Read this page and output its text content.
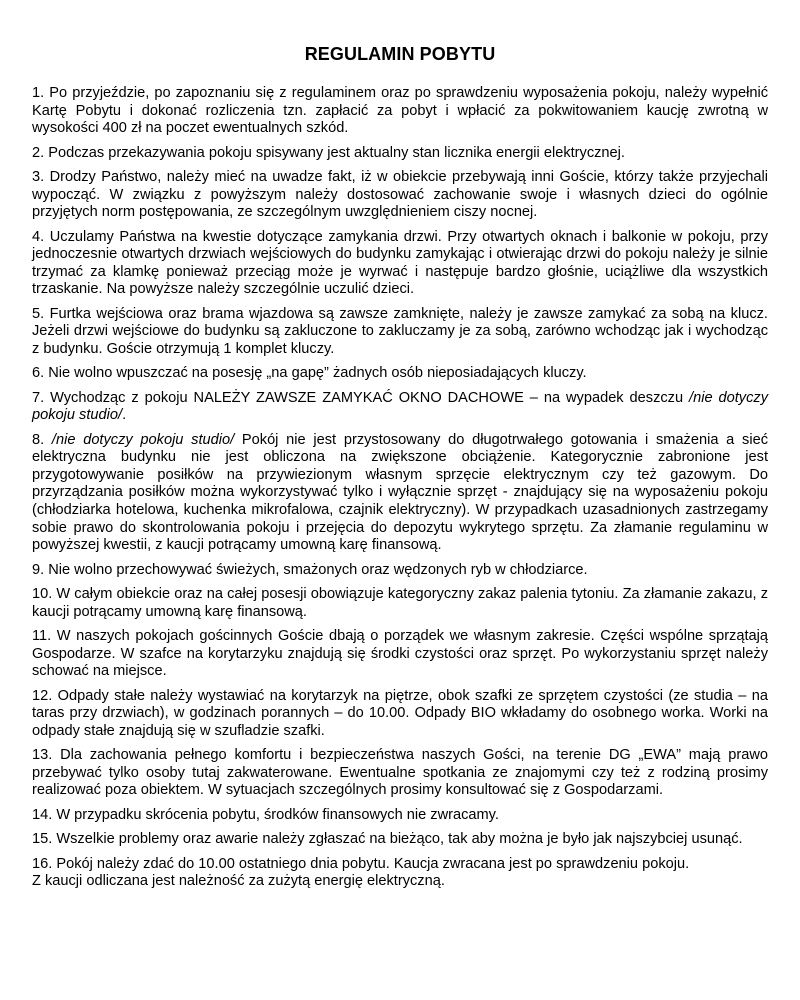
REGULAMIN POBYTU
1. Po przyjeździe, po zapoznaniu się z regulaminem oraz po sprawdzeniu wyposażenia pokoju, należy wypełnić Kartę Pobytu i dokonać rozliczenia tzn. zapłacić za pobyt i wpłacić za pokwitowaniem kaucję zwrotną w wysokości 400 zł na poczet ewentualnych szkód.
2. Podczas przekazywania pokoju spisywany jest aktualny stan licznika energii elektrycznej.
3. Drodzy Państwo, należy mieć na uwadze fakt, iż w obiekcie przebywają inni Goście, którzy także przyjechali wypocząć. W związku z powyższym należy dostosować zachowanie swoje i własnych dzieci do ogólnie przyjętych norm postępowania, ze szczególnym uwzględnieniem ciszy nocnej.
4. Uczulamy Państwa na kwestie dotyczące zamykania drzwi. Przy otwartych oknach i balkonie w pokoju, przy jednoczesnie otwartych drzwiach wejściowych do budynku zamykając i otwierając drzwi do pokoju należy je silnie trzymać za klamkę ponieważ przeciąg może je wyrwać i następuje bardzo głośnie, uciążliwe dla wszystkich trzaskanie. Na powyższe należy szczególnie uczulić dzieci.
5. Furtka wejściowa oraz brama wjazdowa są zawsze zamknięte, należy je zawsze zamykać za sobą na klucz. Jeżeli drzwi wejściowe do budynku są zakluczone to zakluczamy je za sobą, zarówno wchodząc jak i wychodząc z budynku. Goście otrzymują 1 komplet kluczy.
6. Nie wolno wpuszczać na posesję „na gapę” żadnych osób nieposiadających kluczy.
7. Wychodząc z pokoju NALEŻY ZAWSZE ZAMYKAĆ OKNO DACHOWE – na wypadek deszczu /nie dotyczy pokoju studio/.
8. /nie dotyczy pokoju studio/ Pokój nie jest przystosowany do długotrwałego gotowania i smażenia a sieć elektryczna budynku nie jest obliczona na zwiększone obciążenie. Kategorycznie zabronione jest przygotowywanie posiłków na przywiezionym własnym sprzęcie elektrycznym czy też gazowym. Do przyrządzania posiłków można wykorzystywać tylko i wyłącznie sprzęt - znajdujący się na wyposażeniu pokoju (chłodziarka hotelowa, kuchenka mikrofalowa, czajnik elektryczny). W przypadkach uzasadnionych zastrzegamy sobie prawo do skontrolowania pokoju i przejęcia do depozytu wykrytego sprzętu. Za złamanie regulaminu w powyższej kwestii, z kaucji potrącamy umowną karę finansową.
9. Nie wolno przechowywać świeżych, smażonych oraz wędzonych ryb w chłodziarce.
10. W całym obiekcie oraz na całej posesji obowiązuje kategoryczny zakaz palenia tytoniu. Za złamanie zakazu, z kaucji potrącamy umowną karę finansową.
11. W naszych pokojach gościnnych Goście dbają o porządek we własnym zakresie. Części wspólne sprzątają Gospodarze. W szafce na korytarzyku znajdują się środki czystości oraz sprzęt. Po wykorzystaniu sprzęt należy schować na miejsce.
12. Odpady stałe należy wystawiać na korytarzyk na piętrze, obok szafki ze sprzętem czystości (ze studia – na taras przy drzwiach), w godzinach porannych – do 10.00. Odpady BIO wkładamy do osobnego worka. Worki na odpady stałe znajdują się w szufladzie szafki.
13. Dla zachowania pełnego komfortu i bezpieczeństwa naszych Gości, na terenie DG „EWA” mają prawo przebywać tylko osoby tutaj zakwaterowane. Ewentualne spotkania ze znajomymi czy też z rodziną prosimy realizować poza obiektem. W sytuacjach szczególnych prosimy konsultować się z Gospodarzami.
14. W przypadku skrócenia pobytu, środków finansowych nie zwracamy.
15. Wszelkie problemy oraz awarie należy zgłaszać na bieżąco, tak aby można je było jak najszybciej usunąć.
16. Pokój należy zdać do 10.00 ostatniego dnia pobytu. Kaucja zwracana jest po sprawdzeniu pokoju.
Z kaucji odliczana jest należność za zużytą energię elektryczną.
